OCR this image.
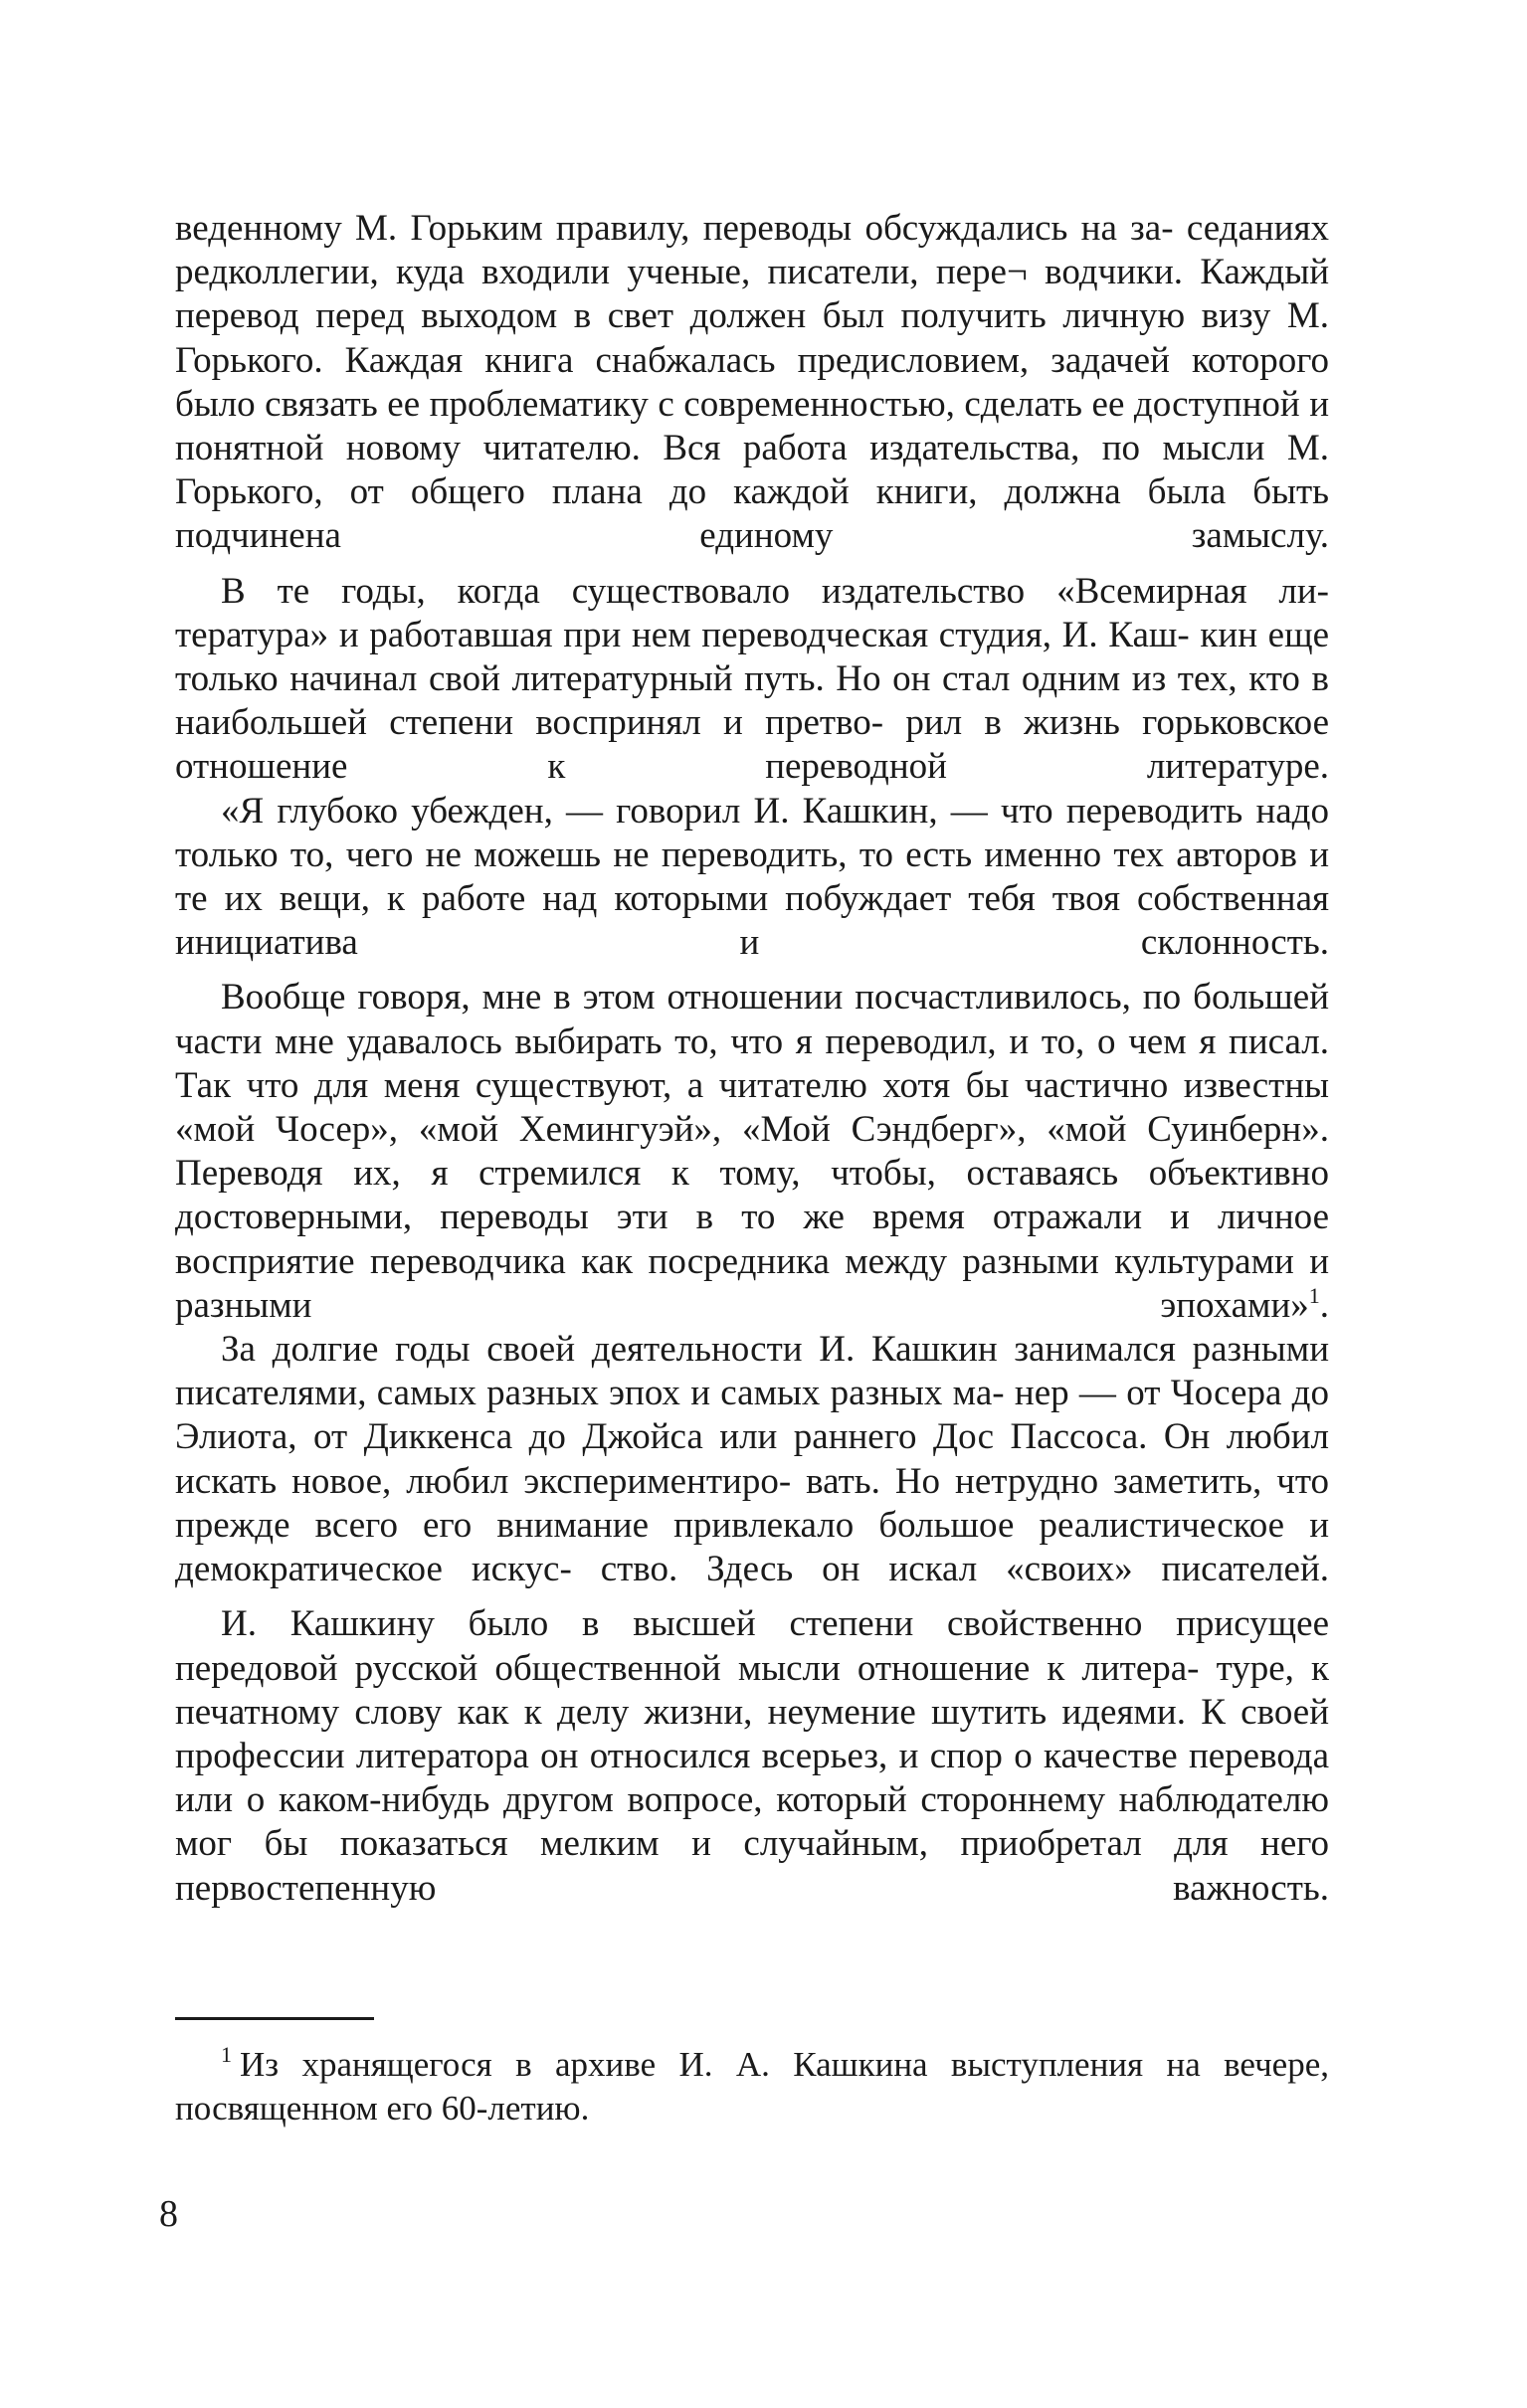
веденному М. Горьким правилу, переводы обсуждались на за- седаниях редколлегии, куда входили ученые, писатели, пере¬ водчики. Каждый перевод перед выходом в свет должен был получить личную визу М. Горького. Каждая книга снабжалась предисловием, задачей которого было связать ее проблематику с современностью, сделать ее доступной и понятной новому читателю. Вся работа издательства, по мысли М. Горького, от общего плана до каждой книги, должна была быть подчинена	единому замыслу.

В те годы, когда существовало издательство «Всемирная ли- тература» и работавшая при нем переводческая студия, И. Каш- кин еще только начинал свой литературный путь. Но он стал одним из тех, кто в наибольшей степени воспринял и претво- рил в жизнь горьковское отношение к переводной литературе.

«Я глубоко убежден, — говорил И. Кашкин, — что переводить надо только то, чего не можешь не переводить, то есть именно тех авторов и те их вещи, к работе над которыми побуждает тебя твоя собственная инициатива и склонность.

Вообще говоря, мне в этом отношении посчастливилось, по большей части мне удавалось выбирать то, что я переводил, и то, о чем я писал. Так что для меня существуют, а читателю хотя бы частично известны «мой Чосер», «мой Хемингуэй», «Мой Сэндберг», «мой Суинберн». Переводя их, я стремился к тому, чтобы, оставаясь объективно достоверными, переводы эти в то же время отражали и личное восприятие переводчика как посредника между разными культурами и разными эпохами»$^1$.

За долгие годы своей деятельности И. Кашкин занимался разными писателями, самых разных эпох и самых разных ма- нер — от Чосера до Элиота, от Диккенса до Джойса или раннего Дос Пассоса. Он любил искать новое, любил экспериментиро- вать. Но нетрудно заметить, что прежде всего его внимание привлекало большое реалистическое и демократическое искус- ство. Здесь он искал «своих» писателей.

И. Кашкину было в высшей степени свойственно присущее передовой русской общественной мысли отношение к литера- туре, к печатному слову как к делу жизни, неумение шутить идеями. К своей профессии литератора он относился всерьез, и спор о качестве перевода или о каком-нибудь другом вопросе, который стороннему наблюдателю мог бы показаться мелким и случайным, приобретал для него первостепенную важность.

$^1$ Из хранящегося в архиве И. А. Кашкина выступления на вечере, посвященном его 60-летию.
8
